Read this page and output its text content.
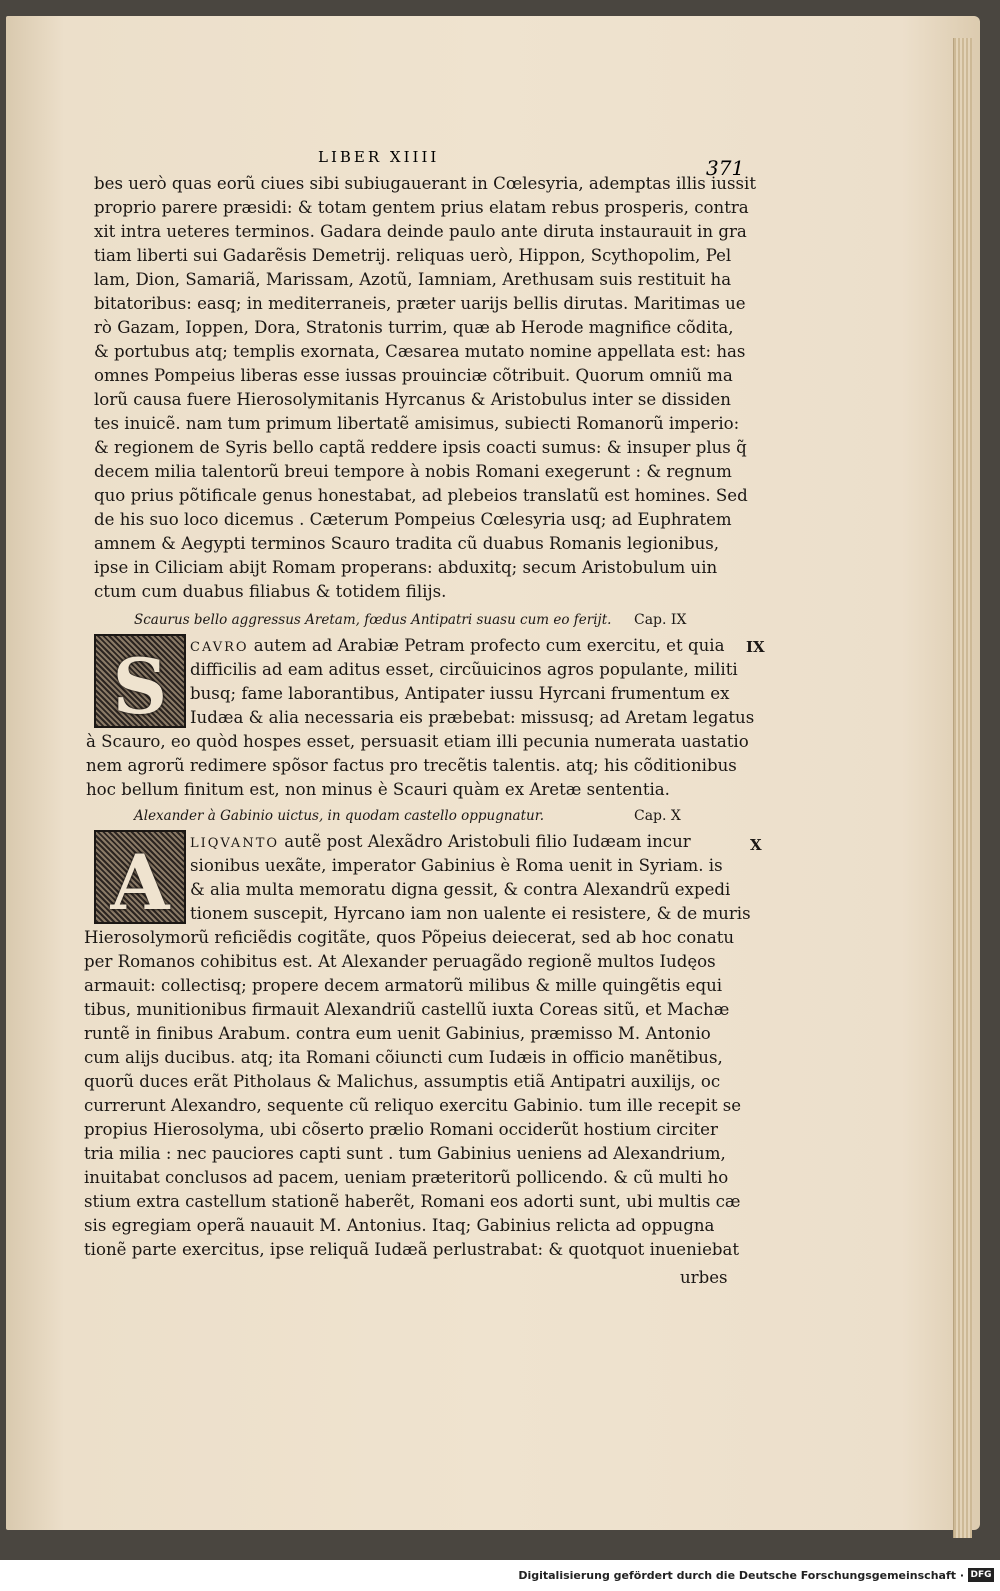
LIBER XIIII	371
bes uerò quas eorũ ciues sibi subiugauerant in Cœlesyria, ademptas illis iussit
proprio parere præsidi: & totam gentem prius elatam rebus prosperis, contra
xit intra ueteres terminos. Gadara deinde paulo ante diruta instaurauit in gra
tiam liberti sui Gadarẽsis Demetrij. reliquas uerò, Hippon, Scythopolim, Pel
lam, Dion, Samariã, Marissam, Azotũ, Iamniam, Arethusam suis restituit ha
bitatoribus: easq; in mediterraneis, præter uarijs bellis dirutas. Maritimas ue
rò Gazam, Ioppen, Dora, Stratonis turrim, quæ ab Herode magnifice cõdita,
& portubus atq; templis exornata, Cæsarea mutato nomine appellata est: has
omnes Pompeius liberas esse iussas prouinciæ cõtribuit. Quorum omniũ ma
lorũ causa fuere Hierosolymitanis Hyrcanus & Aristobulus inter se dissiden
tes inuicẽ. nam tum primum libertatẽ amisimus, subiecti Romanorũ imperio:
& regionem de Syris bello captã reddere ipsis coacti sumus: & insuper plus q̃
decem milia talentorũ breui tempore à nobis Romani exegerunt : & regnum
quo prius põtificale genus honestabat, ad plebeios translatũ est homines. Sed
de his suo loco dicemus . Cæterum Pompeius Cœlesyria usq; ad Euphratem
amnem & Aegypti terminos Scauro tradita cũ duabus Romanis legionibus,
ipse in Ciliciam abijt Romam properans: abduxitq; secum Aristobulum uin
ctum cum duabus filiabus & totidem filijs.
Scaurus bello aggressus Aretam, fœdus Antipatri suasu cum eo ferijt. Cap. IX
IX
S	CAVRO autem ad Arabiæ Petram profecto cum exercitu, et quia
difficilis ad eam aditus esset, circũuicinos agros populante, militi
busq; fame laborantibus, Antipater iussu Hyrcani frumentum ex
Iudæa & alia necessaria eis præbebat: missusq; ad Aretam legatus
à Scauro, eo quòd hospes esset, persuasit etiam illi pecunia numerata uastatio
nem agrorũ redimere spõsor factus pro trecẽtis talentis. atq; his cõditionibus
hoc bellum finitum est, non minus è Scauri quàm ex Aretæ sententia.
Alexander à Gabinio uictus, in quodam castello oppugnatur.	Cap. X
X
A	LIQVANTO autẽ post Alexãdro Aristobuli filio Iudæam incur
sionibus uexãte, imperator Gabinius è Roma uenit in Syriam. is
& alia multa memoratu digna gessit, & contra Alexandrũ expedi
tionem suscepit, Hyrcano iam non ualente ei resistere, & de muris
Hierosolymorũ reficiẽdis cogitãte, quos Põpeius deiecerat, sed ab hoc conatu
per Romanos cohibitus est. At Alexander peruagãdo regionẽ multos Iudęos
armauit: collectisq; propere decem armatorũ milibus & mille quingẽtis equi
tibus, munitionibus firmauit Alexandriũ castellũ iuxta Coreas sitũ, et Machæ
runtẽ in finibus Arabum. contra eum uenit Gabinius, præmisso M. Antonio
cum alijs ducibus. atq; ita Romani cõiuncti cum Iudæis in officio manẽtibus,
quorũ duces erãt Pitholaus & Malichus, assumptis etiã Antipatri auxilijs, oc
currerunt Alexandro, sequente cũ reliquo exercitu Gabinio. tum ille recepit se
propius Hierosolyma, ubi cõserto prælio Romani occiderũt hostium circiter
tria milia : nec pauciores capti sunt . tum Gabinius ueniens ad Alexandrium,
inuitabat conclusos ad pacem, ueniam præteritorũ pollicendo. & cũ multi ho
stium extra castellum stationẽ haberẽt, Romani eos adorti sunt, ubi multis cæ
sis egregiam operã nauauit M. Antonius. Itaq; Gabinius relicta ad oppugna
tionẽ parte exercitus, ipse reliquã Iudæã perlustrabat: & quotquot inueniebat
urbes
Digitalisierung gefördert durch die Deutsche Forschungsgemeinschaft · DFG
